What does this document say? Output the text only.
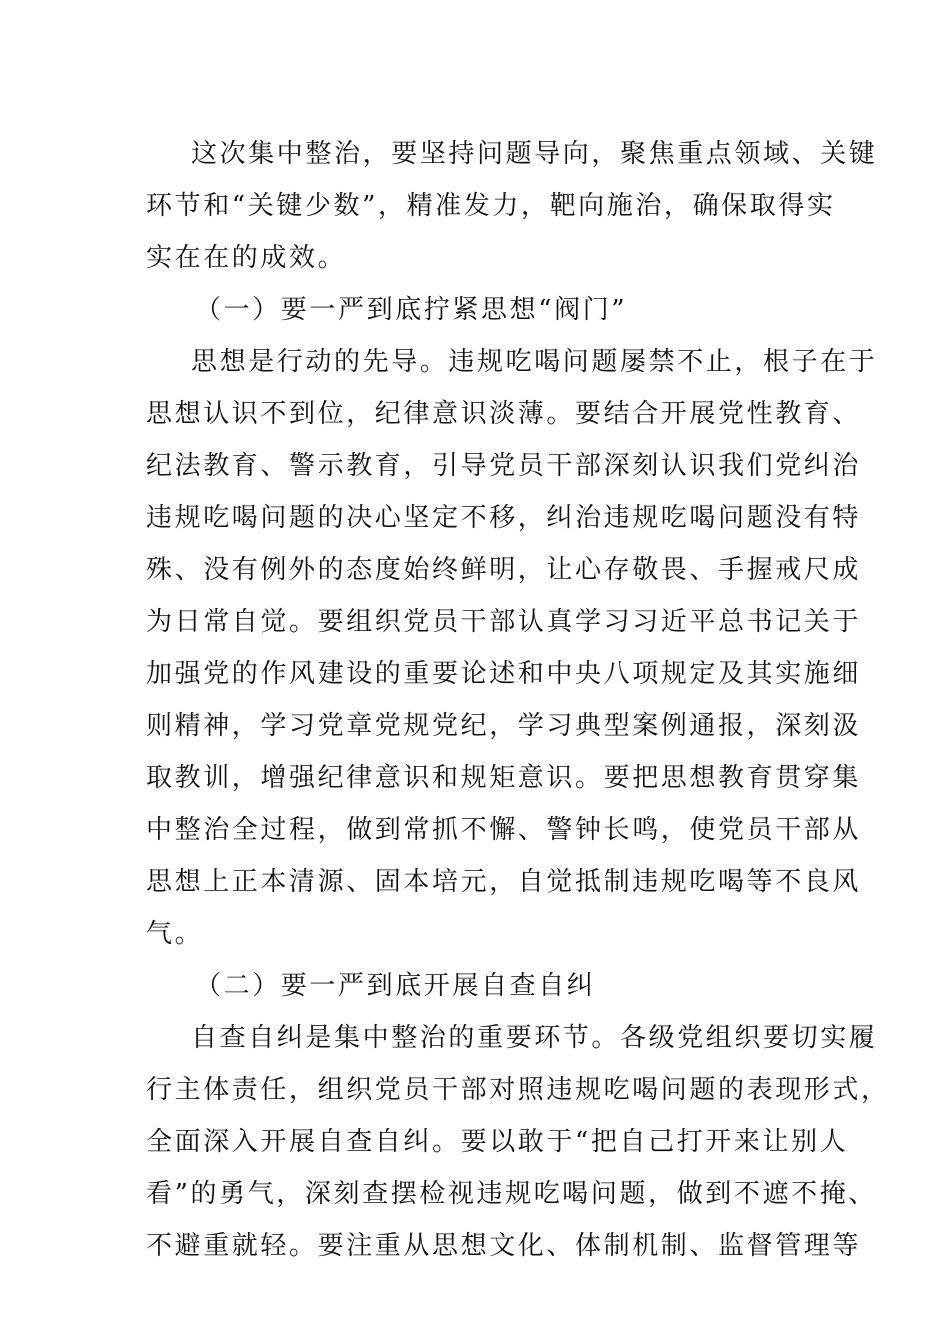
这次集中整治，要坚持问题导向，聚焦重点领域、关键
环节和“关键少数”，精准发力，靶向施治，确保取得实
实在在的成效。
（一）要一严到底拧紧思想“阀门”
思想是行动的先导。违规吃喝问题屡禁不止，根子在于
思想认识不到位，纪律意识淡薄。要结合开展党性教育、
纪法教育、警示教育，引导党员干部深刻认识我们党纠治
违规吃喝问题的决心坚定不移，纠治违规吃喝问题没有特
殊、没有例外的态度始终鲜明，让心存敬畏、手握戒尺成
为日常自觉。要组织党员干部认真学习习近平总书记关于
加强党的作风建设的重要论述和中央八项规定及其实施细
则精神，学习党章党规党纪，学习典型案例通报，深刻汲
取教训，增强纪律意识和规矩意识。要把思想教育贯穿集
中整治全过程，做到常抓不懈、警钟长鸣，使党员干部从
思想上正本清源、固本培元，自觉抵制违规吃喝等不良风
气。
（二）要一严到底开展自查自纠
自查自纠是集中整治的重要环节。各级党组织要切实履
行主体责任，组织党员干部对照违规吃喝问题的表现形式，
全面深入开展自查自纠。要以敢于“把自己打开来让别人
看”的勇气，深刻查摆检视违规吃喝问题，做到不遮不掩、
不避重就轻。要注重从思想文化、体制机制、监督管理等
